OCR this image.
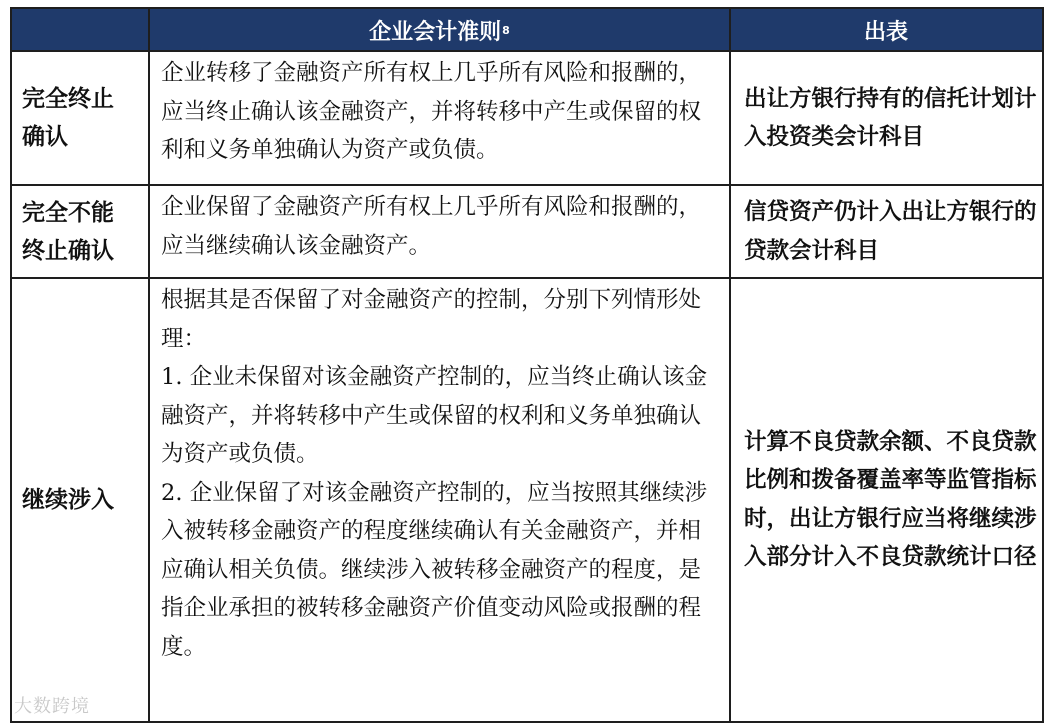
企业会计准则 8	出表
完全终止确认
企业转移了金融资产所有权上几乎所有风险和报酬的，应当终止确认该金融资产，并将转移中产生或保留的权利和义务单独确认为资产或负债。
出让方银行持有的信托计划计入投资类会计科目
完全不能终止确认
企业保留了金融资产所有权上几乎所有风险和报酬的，应当继续确认该金融资产。
信贷资产仍计入出让方银行的贷款会计科目
继续涉入
根据其是否保留了对金融资产的控制，分别下列情形处理：
1. 企业未保留对该金融资产控制的，应当终止确认该金融资产，并将转移中产生或保留的权利和义务单独确认为资产或负债。
2. 企业保留了对该金融资产控制的，应当按照其继续涉入被转移金融资产的程度继续确认有关金融资产，并相应确认相关负债。继续涉入被转移金融资产的程度，是指企业承担的被转移金融资产价值变动风险或报酬的程度。
计算不良贷款余额、不良贷款比例和拨备覆盖率等监管指标时，出让方银行应当将继续涉入部分计入不良贷款统计口径
大数跨境
